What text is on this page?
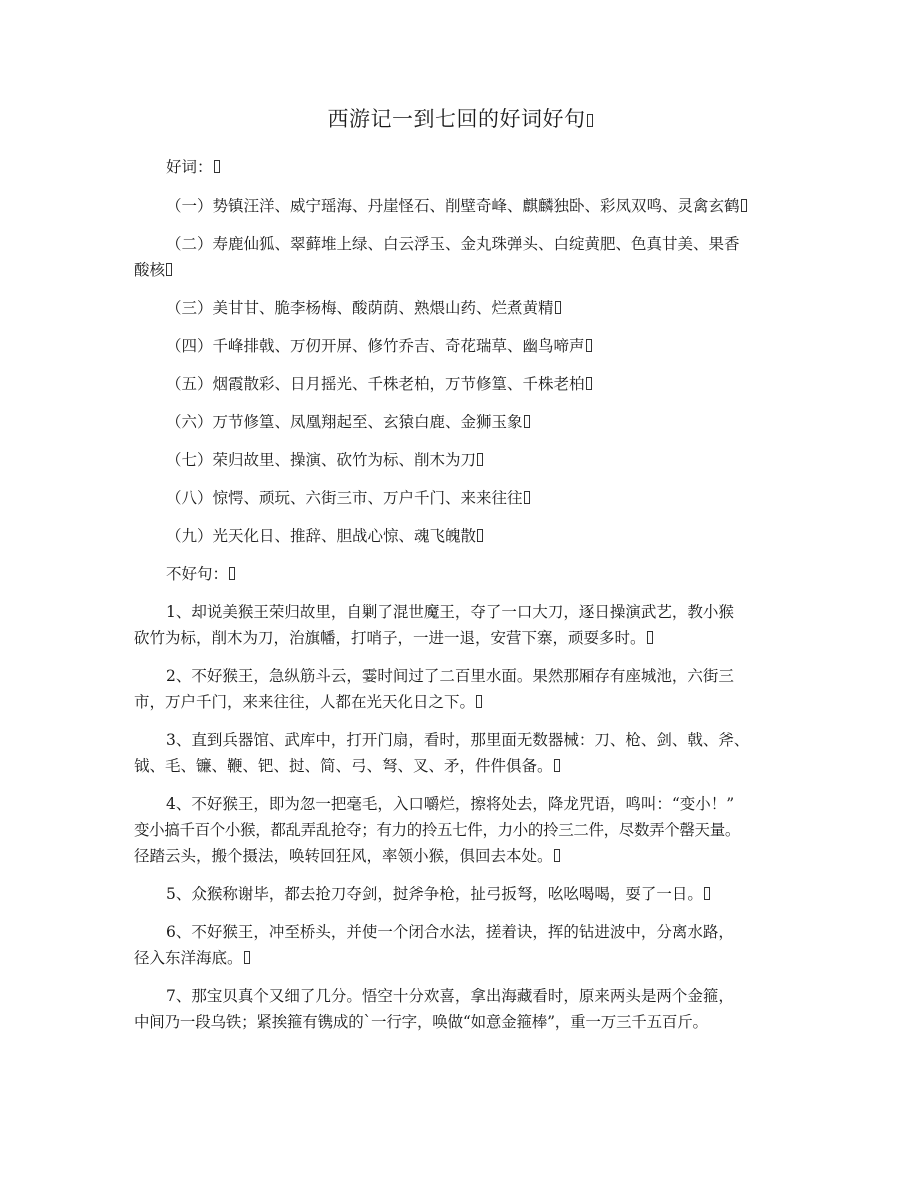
西游记一到七回的好词好句

好词：

（一）势镇汪洋、威宁瑶海、丹崖怪石、削壁奇峰、麒麟独卧、彩凤双鸣、灵禽玄鹤

（二）寿鹿仙狐、翠藓堆上绿、白云浮玉、金丸珠弹头、白绽黄肥、色真甘美、果香
酸核

（三）美甘甘、脆李杨梅、酸荫荫、熟煨山药、烂煮黄精

（四）千峰排戟、万仞开屏、修竹乔吉、奇花瑞草、幽鸟啼声

（五）烟霞散彩、日月摇光、千株老柏，万节修篁、千株老柏

（六）万节修篁、凤凰翔起至、玄猿白鹿、金狮玉象

（七）荣归故里、操演、砍竹为标、削木为刀

（八）惊愕、顽玩、六街三市、万户千门、来来往往

（九）光天化日、推辞、胆战心惊、魂飞魄散

不好句：

1、却说美猴王荣归故里，自剿了混世魔王，夺了一口大刀，逐日操演武艺，教小猴
砍竹为标，削木为刀，治旗幡，打哨子，一进一退，安营下寨，顽耍多时。
2、不好猴王，急纵筋斗云，霎时间过了二百里水面。果然那厢存有座城池，六街三
市，万户千门，来来往往，人都在光天化日之下。
3、直到兵器馆、武库中，打开门扇，看时，那里面无数器械：刀、枪、剑、戟、斧、
钺、毛、镰、鞭、钯、挝、简、弓、弩、叉、矛，件件俱备。
4、不好猴王，即为忽一把毫毛，入口嚼烂，擦将处去，降龙咒语，鸣叫：“变小！”
变小搞千百个小猴，都乱弄乱抢夺；有力的拎五七件，力小的拎三二件，尽数弄个罄天量。
径踏云头，搬个摄法，唤转回狂风，率领小猴，俱回去本处。

5、众猴称谢毕，都去抢刀夺剑，挝斧争枪，扯弓扳弩，吆吆喝喝，耍了一日。

6、不好猴王，冲至桥头，并使一个闭合水法，搓着诀，挥的钻进波中，分离水路，
径入东洋海底。
7、那宝贝真个又细了几分。悟空十分欢喜，拿出海藏看时，原来两头是两个金箍，
中间乃一段乌铁；紧挨箍有镌成的`一行字，唤做“如意金箍棒”，重一万三千五百斤。
